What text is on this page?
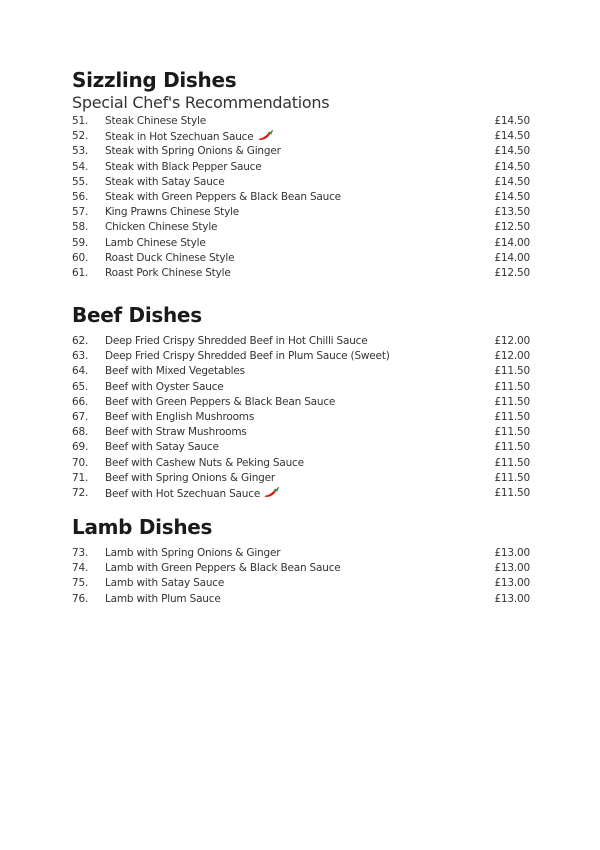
Sizzling Dishes
Special Chef's Recommendations
51. Steak Chinese Style	£14.50
52. Steak in Hot Szechuan Sauce	£14.50
53. Steak with Spring Onions & Ginger	£14.50
54. Steak with Black Pepper Sauce	£14.50
55. Steak with Satay Sauce	£14.50
56. Steak with Green Peppers & Black Bean Sauce	£14.50
57. King Prawns Chinese Style	£13.50
58. Chicken Chinese Style	£12.50
59. Lamb Chinese Style	£14.00
60. Roast Duck Chinese Style	£14.00
61. Roast Pork Chinese Style	£12.50
Beef Dishes
62. Deep Fried Crispy Shredded Beef in Hot Chilli Sauce	£12.00
63. Deep Fried Crispy Shredded Beef in Plum Sauce (Sweet)	£12.00
64. Beef with Mixed Vegetables	£11.50
65. Beef with Oyster Sauce	£11.50
66. Beef with Green Peppers & Black Bean Sauce	£11.50
67. Beef with English Mushrooms	£11.50
68. Beef with Straw Mushrooms	£11.50
69. Beef with Satay Sauce	£11.50
70. Beef with Cashew Nuts & Peking Sauce	£11.50
71. Beef with Spring Onions & Ginger	£11.50
72. Beef with Hot Szechuan Sauce	£11.50
Lamb Dishes
73. Lamb with Spring Onions & Ginger	£13.00
74. Lamb with Green Peppers & Black Bean Sauce	£13.00
75. Lamb with Satay Sauce	£13.00
76. Lamb with Plum Sauce	£13.00
